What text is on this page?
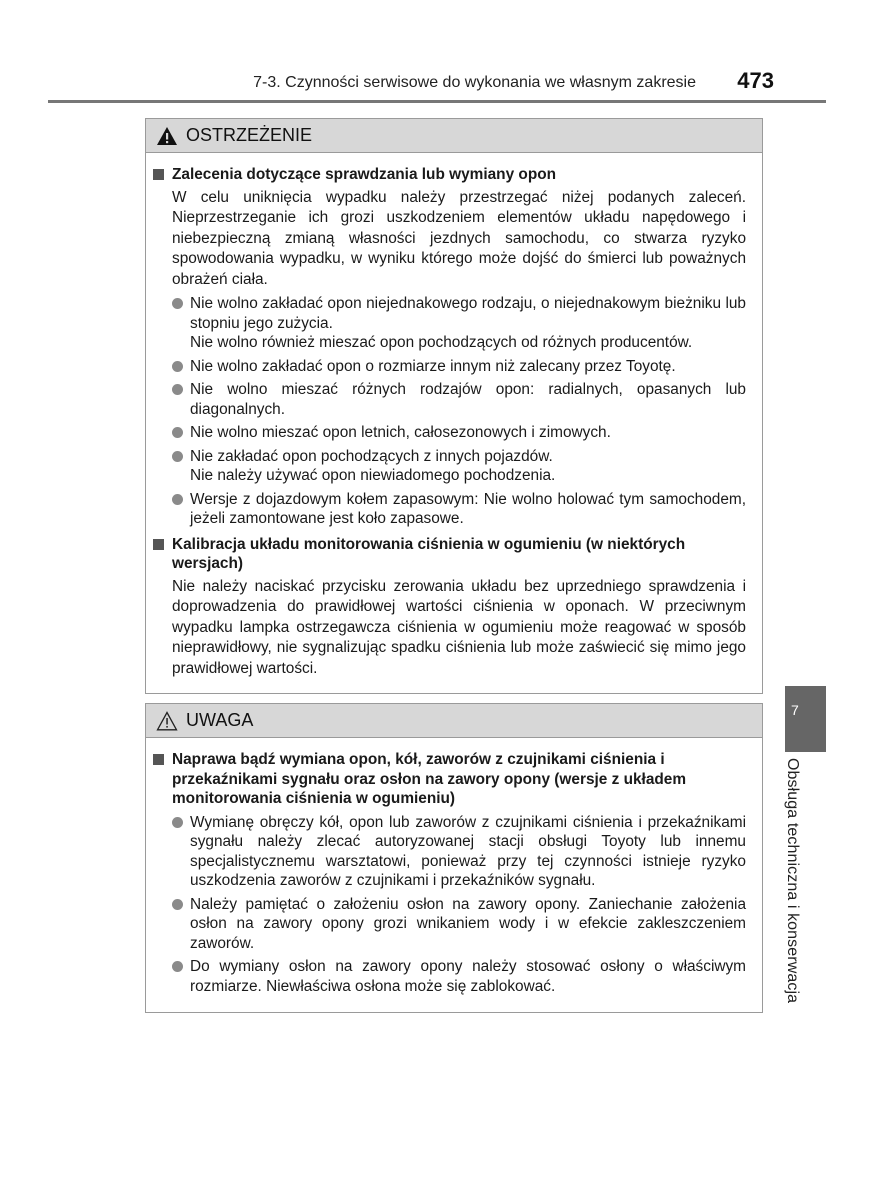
7-3. Czynności serwisowe do wykonania we własnym zakresie 473
OSTRZEŻENIE
Zalecenia dotyczące sprawdzania lub wymiany opon
W celu uniknięcia wypadku należy przestrzegać niżej podanych zaleceń. Nieprzestrzeganie ich grozi uszkodzeniem elementów układu napędowego i niebezpieczną zmianą własności jezdnych samochodu, co stwarza ryzyko spowodowania wypadku, w wyniku którego może dojść do śmierci lub poważnych obrażeń ciała.
Nie wolno zakładać opon niejednakowego rodzaju, o niejednakowym bieżniku lub stopniu jego zużycia.
Nie wolno również mieszać opon pochodzących od różnych producentów.
Nie wolno zakładać opon o rozmiarze innym niż zalecany przez Toyotę.
Nie wolno mieszać różnych rodzajów opon: radialnych, opasanych lub diagonalnych.
Nie wolno mieszać opon letnich, całosezonowych i zimowych.
Nie zakładać opon pochodzących z innych pojazdów.
Nie należy używać opon niewiadomego pochodzenia.
Wersje z dojazdowym kołem zapasowym: Nie wolno holować tym samochodem, jeżeli zamontowane jest koło zapasowe.
Kalibracja układu monitorowania ciśnienia w ogumieniu (w niektórych wersjach)
Nie należy naciskać przycisku zerowania układu bez uprzedniego sprawdzenia i doprowadzenia do prawidłowej wartości ciśnienia w oponach. W przeciwnym wypadku lampka ostrzegawcza ciśnienia w ogumieniu może reagować w sposób nieprawidłowy, nie sygnalizując spadku ciśnienia lub może zaświecić się mimo jego prawidłowej wartości.
UWAGA
Naprawa bądź wymiana opon, kół, zaworów z czujnikami ciśnienia i przekaźnikami sygnału oraz osłon na zawory opony (wersje z układem monitorowania ciśnienia w ogumieniu)
Wymianę obręczy kół, opon lub zaworów z czujnikami ciśnienia i przekaźnikami sygnału należy zlecać autoryzowanej stacji obsługi Toyoty lub innemu specjalistycznemu warsztatowi, ponieważ przy tej czynności istnieje ryzyko uszkodzenia zaworów z czujnikami i przekaźników sygnału.
Należy pamiętać o założeniu osłon na zawory opony. Zaniechanie założenia osłon na zawory opony grozi wnikaniem wody i w efekcie zakleszczeniem zaworów.
Do wymiany osłon na zawory opony należy stosować osłony o właściwym rozmiarze. Niewłaściwa osłona może się zablokować.
7
Obsługa techniczna i konserwacja
